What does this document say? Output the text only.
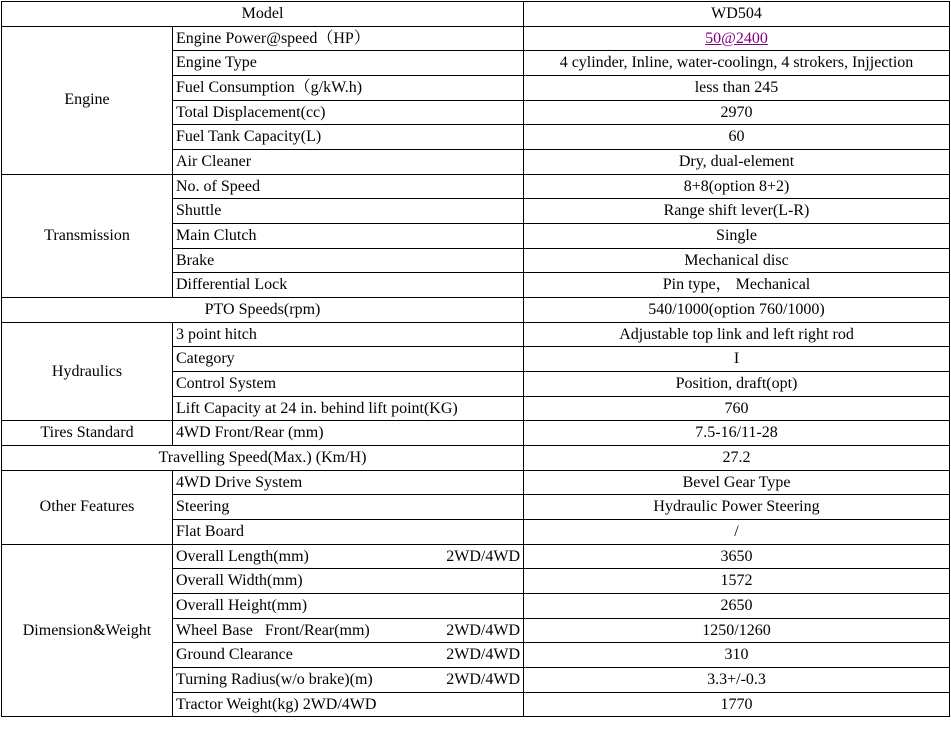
Model		WD504
Engine	Engine Power@speed（HP）	50@2400
	Engine Type	4 cylinder, Inline, water-coolingn, 4 strokers, Injjection
	Fuel Consumption（g/kW.h)	less than 245
	Total Displacement(cc)	2970
	Fuel Tank Capacity(L)	60
	Air Cleaner	Dry, dual-element
Transmission	No. of Speed	8+8(option 8+2)
	Shuttle	Range shift lever(L-R)
	Main Clutch	Single
	Brake	Mechanical disc
	Differential Lock	Pin type， Mechanical
PTO Speeds(rpm)		540/1000(option 760/1000)
Hydraulics	3 point hitch	Adjustable top link and left right rod
	Category	I
	Control System	Position, draft(opt)
	Lift Capacity at 24 in. behind lift point(KG)	760
Tires Standard	4WD Front/Rear (mm)	7.5-16/11-28
Travelling Speed(Max.) (Km/H)		27.2
Other Features	4WD Drive System	Bevel Gear Type
	Steering	Hydraulic Power Steering
	Flat Board	/
Dimension&Weight	Overall Length(mm) 2WD/4WD	3650

	Overall Width(mm)	1572

	Overall Height(mm)	2650

	Wheel Base   Front/Rear(mm) 2WD/4WD	1250/1260

	Ground Clearance 2WD/4WD	310

	Turning Radius(w/o brake)(m) 2WD/4WD	3.3+/-0.3

	Tractor Weight(kg) 2WD/4WD	1770
